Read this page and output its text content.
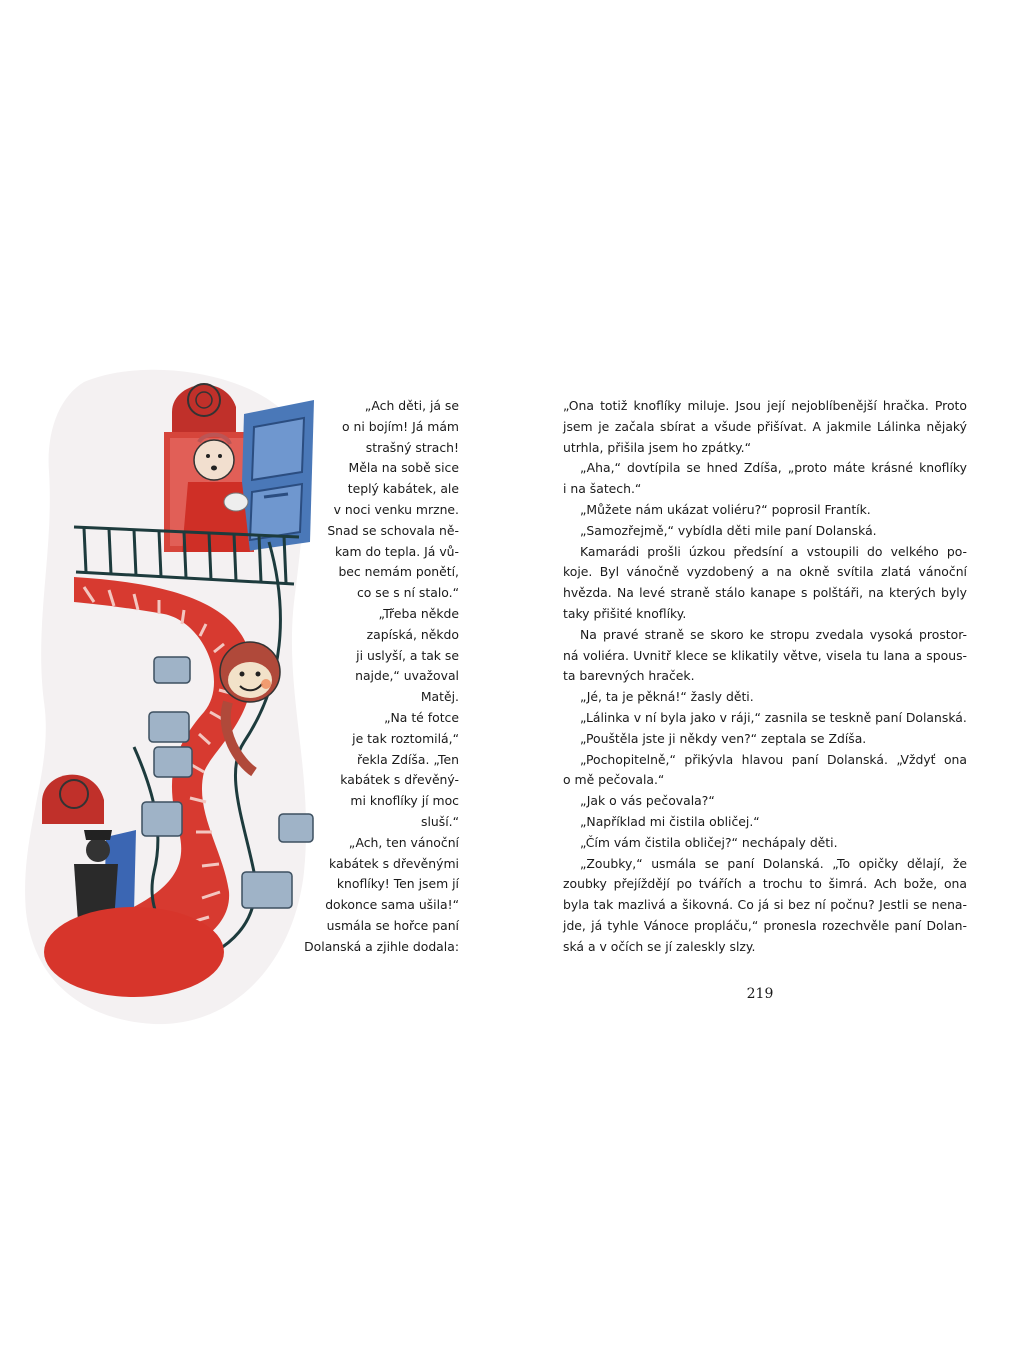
„Ach děti, já se
o ni bojím! Já mám
strašný strach!
Měla na sobě sice
teplý kabátek, ale
v noci venku mrzne.
Snad se schovala ně-
kam do tepla. Já vů-
bec nemám ponětí,
co se s ní stalo.“
„Třeba někde
zapíská, někdo
ji uslyší, a tak se
najde,“ uvažoval
Matěj.
„Na té fotce
je tak roztomilá,“
řekla Zdíša. „Ten
kabátek s dřevěný-
mi knoflíky jí moc
sluší.“
„Ach, ten vánoční
kabátek s dřevěnými
knoflíky! Ten jsem jí
dokonce sama ušila!“
usmála se hořce paní
Dolanská a zjihle dodala:
„Ona totiž knoflíky miluje. Jsou její nejoblíbenější hračka. Proto
jsem je začala sbírat a všude přišívat. A jakmile Lálinka nějaký
utrhla, přišila jsem ho zpátky.“
„Aha,“ dovtípila se hned Zdíša, „proto máte krásné knoflíky
i na šatech.“
„Můžete nám ukázat voliéru?“ poprosil Frantík.
„Samozřejmě,“ vybídla děti mile paní Dolanská.
Kamarádi prošli úzkou předsíní a vstoupili do velkého po-
koje. Byl vánočně vyzdobený a na okně svítila zlatá vánoční
hvězda. Na levé straně stálo kanape s polštáři, na kterých byly
taky přišité knoflíky.
Na pravé straně se skoro ke stropu zvedala vysoká prostor-
ná voliéra. Uvnitř klece se klikatily větve, visela tu lana a spous-
ta barevných hraček.
„Jé, ta je pěkná!“ žasly děti.
„Lálinka v ní byla jako v ráji,“ zasnila se teskně paní Dolanská.
„Pouštěla jste ji někdy ven?“ zeptala se Zdíša.
„Pochopitelně,“ přikývla hlavou paní Dolanská. „Vždyť ona
o mě pečovala.“
„Jak o vás pečovala?“
„Například mi čistila obličej.“
„Čím vám čistila obličej?“ nechápaly děti.
„Zoubky,“ usmála se paní Dolanská. „To opičky dělají, že
zoubky přejíždějí po tvářích a trochu to šimrá. Ach bože, ona
byla tak mazlivá a šikovná. Co já si bez ní počnu? Jestli se nena-
jde, já tyhle Vánoce propláču,“ pronesla rozechvěle paní Dolan-
ská a v očích se jí zaleskly slzy.
219
